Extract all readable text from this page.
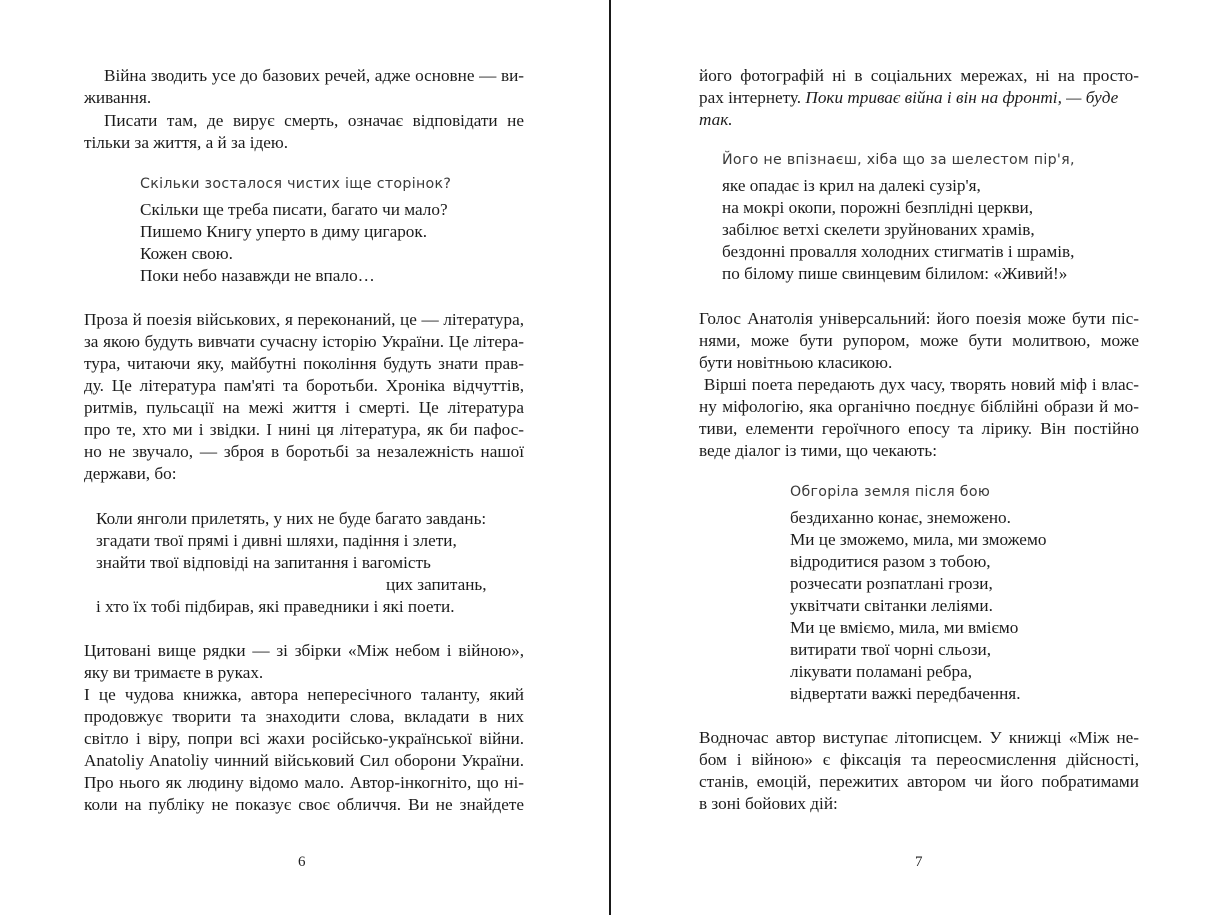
Війна зводить усе до базових речей, адже основне — ви-

живання.

Писати там, де вирує смерть, означає відповідати не

тільки за життя, а й за ідею.

Скільки зосталося чистих іще сторінок?

Скільки ще треба писати, багато чи мало?

Пишемо Книгу уперто в диму цигарок.

Кожен свою.

Поки небо назавжди не впало…

Проза й поезія військових, я переконаний, це — література,

за якою будуть вивчати сучасну історію України. Це літера-

тура, читаючи яку, майбутні покоління будуть знати прав-

ду. Це література пам'яті та боротьби. Хроніка відчуттів,

ритмів, пульсації на межі життя і смерті. Це література

про те, хто ми і звідки. І нині ця література, як би пафос-

но не звучало, — зброя в боротьбі за незалежність нашої

держави, бо:

Коли янголи прилетять, у них не буде багато завдань:

згадати твої прямі і дивні шляхи, падіння і злети,

знайти твої відповіді на запитання і вагомість

цих запитань,

і хто їх тобі підбирав, які праведники і які поети.

Цитовані вище рядки — зі збірки «Між небом і війною»,

яку ви тримаєте в руках.

І це чудова книжка, автора непересічного таланту, який

продовжує творити та знаходити слова, вкладати в них

світло і віру, попри всі жахи російсько-української війни.

Anatoliy Anatoliy чинний військовий Сил оборони України.

Про нього як людину відомо мало. Автор-інкогніто, що ні-

коли на публіку не показує своє обличчя. Ви не знайдете

6

його фотографій ні в соціальних мережах, ні на просто-

рах інтернету. Поки триває війна і він на фронті, — буде

так.

Його не впізнаєш, хіба що за шелестом пір'я,

яке опадає із крил на далекі сузір'я,

на мокрі окопи, порожні безплідні церкви,

забілює ветхі скелети зруйнованих храмів,

бездонні провалля холодних стигматів і шрамів,

по білому пише свинцевим білилом: «Живий!»

Голос Анатолія універсальний: його поезія може бути піс-

нями, може бути рупором, може бути молитвою, може

бути новітньою класикою.

Вірші поета передають дух часу, творять новий міф і влас-

ну міфологію, яка органічно поєднує біблійні образи й мо-

тиви, елементи героїчного епосу та лірику. Він постійно

веде діалог із тими, що чекають:

Обгоріла земля після бою

бездиханно конає, знеможено.

Ми це зможемо, мила, ми зможемо

відродитися разом з тобою,

розчесати розпатлані грози,

уквітчати світанки леліями.

Ми це вміємо, мила, ми вміємо

витирати твої чорні сльози,

лікувати поламані ребра,

відвертати важкі передбачення.

Водночас автор виступає літописцем. У книжці «Між не-

бом і війною» є фіксація та переосмислення дійсності,

станів, емоцій, пережитих автором чи його побратимами

в зоні бойових дій:

7
